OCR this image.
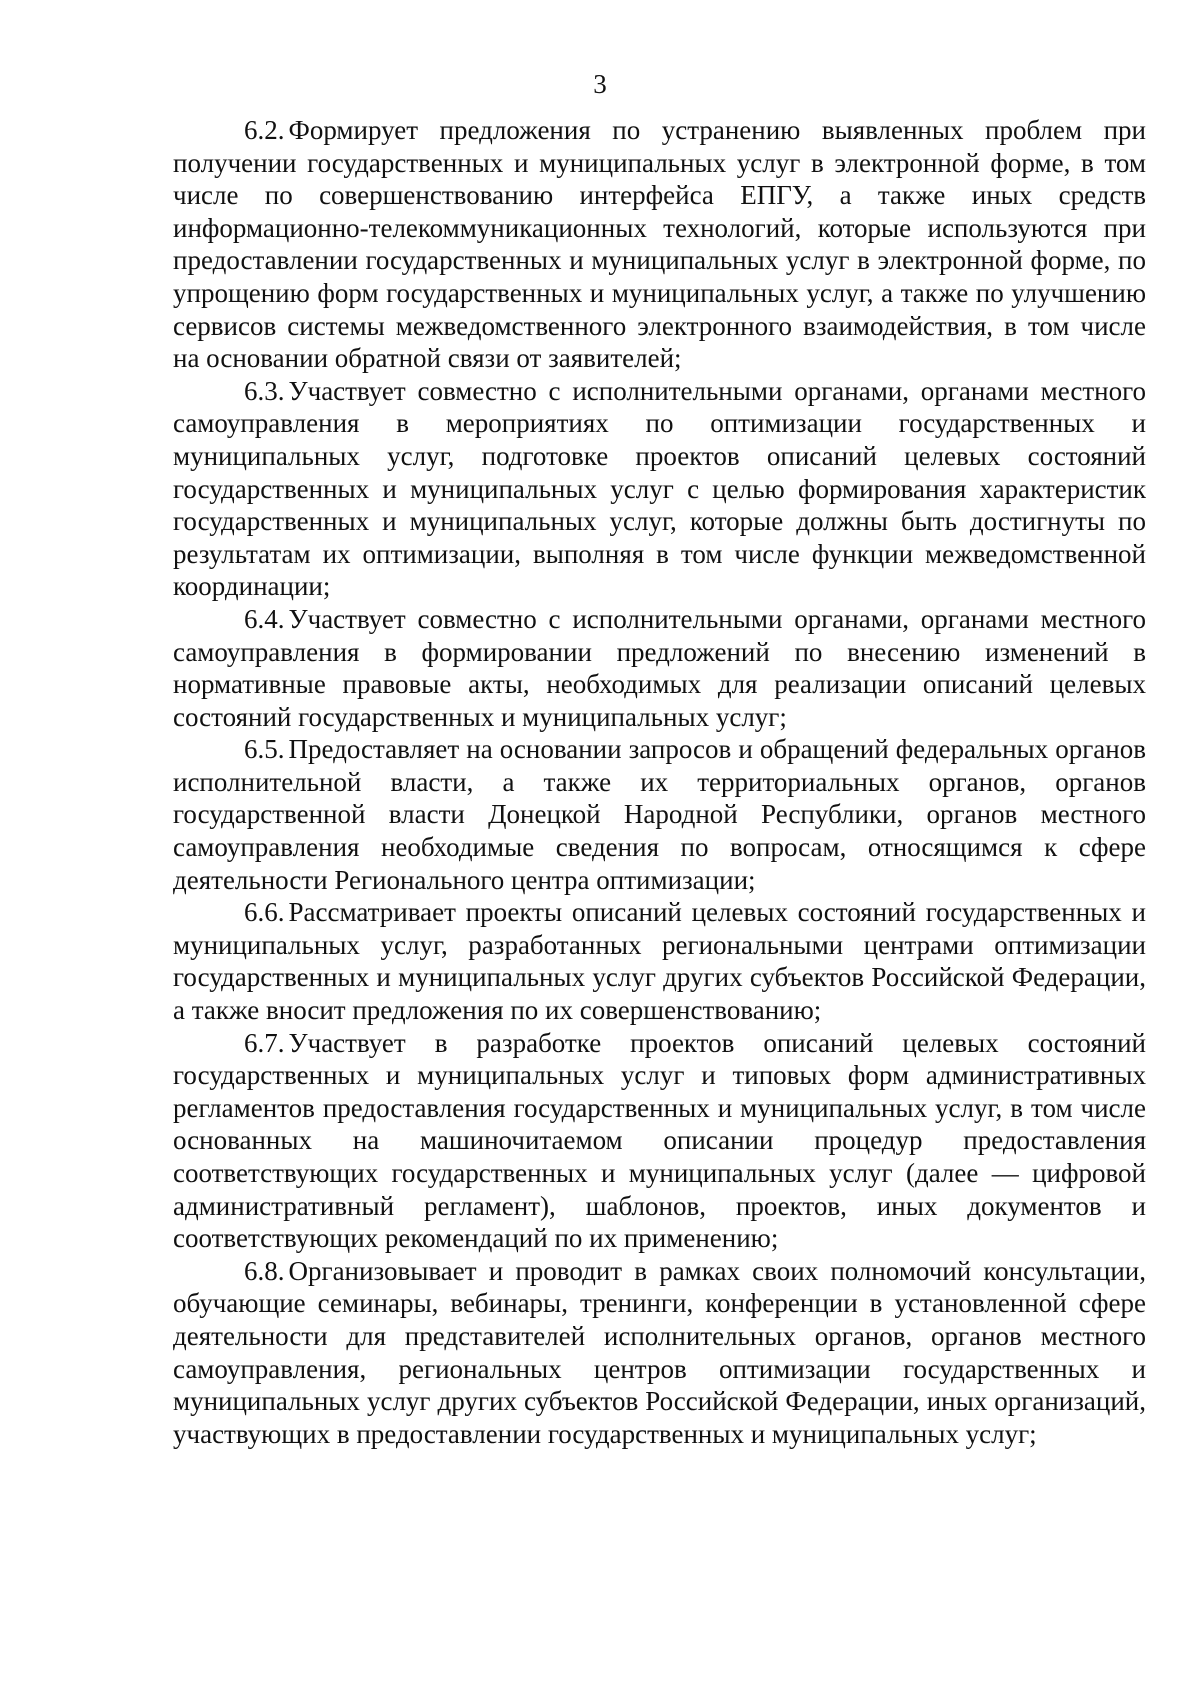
3

6.2. Формирует предложения по устранению выявленных проблем при получении государственных и муниципальных услуг в электронной форме, в том числе по совершенствованию интерфейса ЕПГУ, а также иных средств информационно-телекоммуникационных технологий, которые используются при предоставлении государственных и муниципальных услуг в электронной форме, по упрощению форм государственных и муниципальных услуг, а также по улучшению сервисов системы межведомственного электронного взаимодействия, в том числе на основании обратной связи от заявителей;

6.3. Участвует совместно с исполнительными органами, органами местного самоуправления в мероприятиях по оптимизации государственных и муниципальных услуг, подготовке проектов описаний целевых состояний государственных и муниципальных услуг с целью формирования характеристик государственных и муниципальных услуг, которые должны быть достигнуты по результатам их оптимизации, выполняя в том числе функции межведомственной координации;

6.4. Участвует совместно с исполнительными органами, органами местного самоуправления в формировании предложений по внесению изменений в нормативные правовые акты, необходимых для реализации описаний целевых состояний государственных и муниципальных услуг;

6.5. Предоставляет на основании запросов и обращений федеральных органов исполнительной власти, а также их территориальных органов, органов государственной власти Донецкой Народной Республики, органов местного самоуправления необходимые сведения по вопросам, относящимся к сфере деятельности Регионального центра оптимизации;

6.6. Рассматривает проекты описаний целевых состояний государственных и муниципальных услуг, разработанных региональными центрами оптимизации государственных и муниципальных услуг других субъектов Российской Федерации, а также вносит предложения по их совершенствованию;

6.7. Участвует в разработке проектов описаний целевых состояний государственных и муниципальных услуг и типовых форм административных регламентов предоставления государственных и муниципальных услуг, в том числе основанных на машиночитаемом описании процедур предоставления соответствующих государственных и муниципальных услуг (далее — цифровой административный регламент), шаблонов, проектов, иных документов и соответствующих рекомендаций по их применению;

6.8. Организовывает и проводит в рамках своих полномочий консультации, обучающие семинары, вебинары, тренинги, конференции в установленной сфере деятельности для представителей исполнительных органов, органов местного самоуправления, региональных центров оптимизации государственных и муниципальных услуг других субъектов Российской Федерации, иных организаций, участвующих в предоставлении государственных и муниципальных услуг;
